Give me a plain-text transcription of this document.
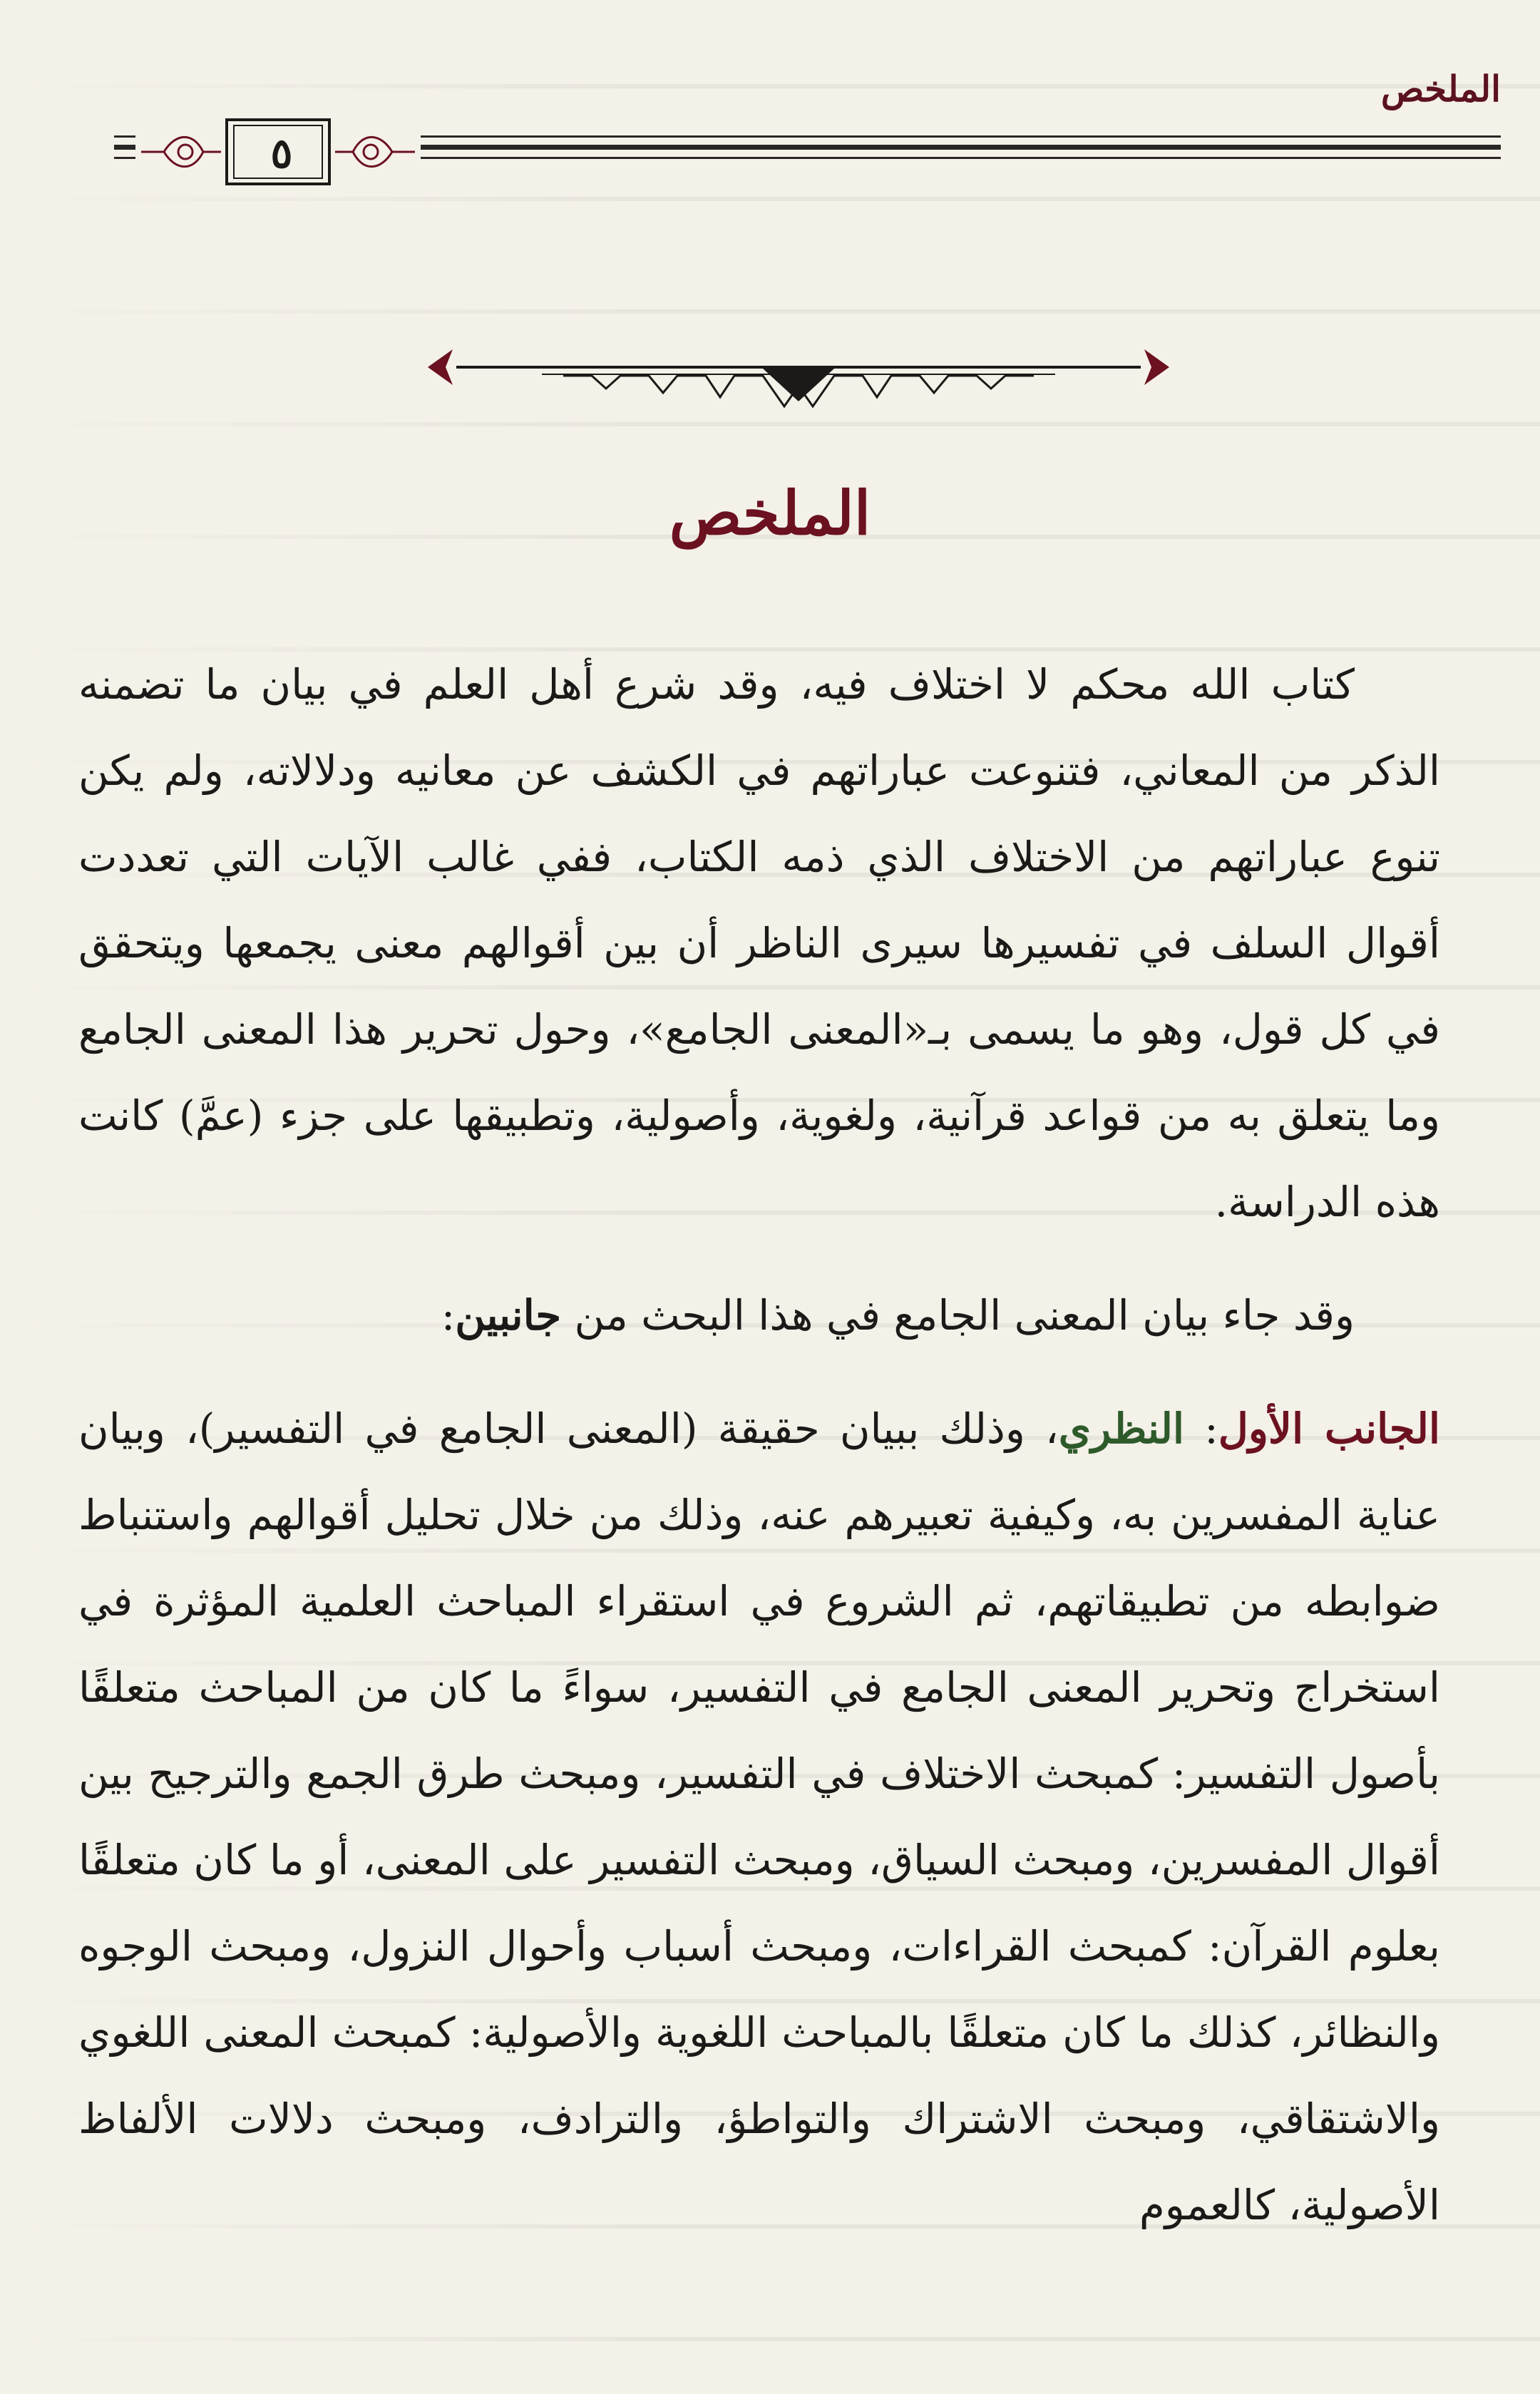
الملخص
٥
الملخص

كتاب الله محكم لا اختلاف فيه، وقد شرع أهل العلم في بيان ما تضمنه الذكر من المعاني، فتنوعت عباراتهم في الكشف عن معانيه ودلالاته، ولم يكن تنوع عباراتهم من الاختلاف الذي ذمه الكتاب، ففي غالب الآيات التي تعددت أقوال السلف في تفسيرها سيرى الناظر أن بين أقوالهم معنى يجمعها ويتحقق في كل قول، وهو ما يسمى بـ«المعنى الجامع»، وحول تحرير هذا المعنى الجامع وما يتعلق به من قواعد قرآنية، ولغوية، وأصولية، وتطبيقها على جزء (عمَّ) كانت هذه الدراسة.

وقد جاء بيان المعنى الجامع في هذا البحث من جانبين:

الجانب الأول: النظري، وذلك ببيان حقيقة (المعنى الجامع في التفسير)، وبيان عناية المفسرين به، وكيفية تعبيرهم عنه، وذلك من خلال تحليل أقوالهم واستنباط ضوابطه من تطبيقاتهم، ثم الشروع في استقراء المباحث العلمية المؤثرة في استخراج وتحرير المعنى الجامع في التفسير، سواءً ما كان من المباحث متعلقًا بأصول التفسير: كمبحث الاختلاف في التفسير، ومبحث طرق الجمع والترجيح بين أقوال المفسرين، ومبحث السياق، ومبحث التفسير على المعنى، أو ما كان متعلقًا بعلوم القرآن: كمبحث القراءات، ومبحث أسباب وأحوال النزول، ومبحث الوجوه والنظائر، كذلك ما كان متعلقًا بالمباحث اللغوية والأصولية: كمبحث المعنى اللغوي والاشتقاقي، ومبحث الاشتراك والتواطؤ، والترادف، ومبحث دلالات الألفاظ الأصولية، كالعموم
